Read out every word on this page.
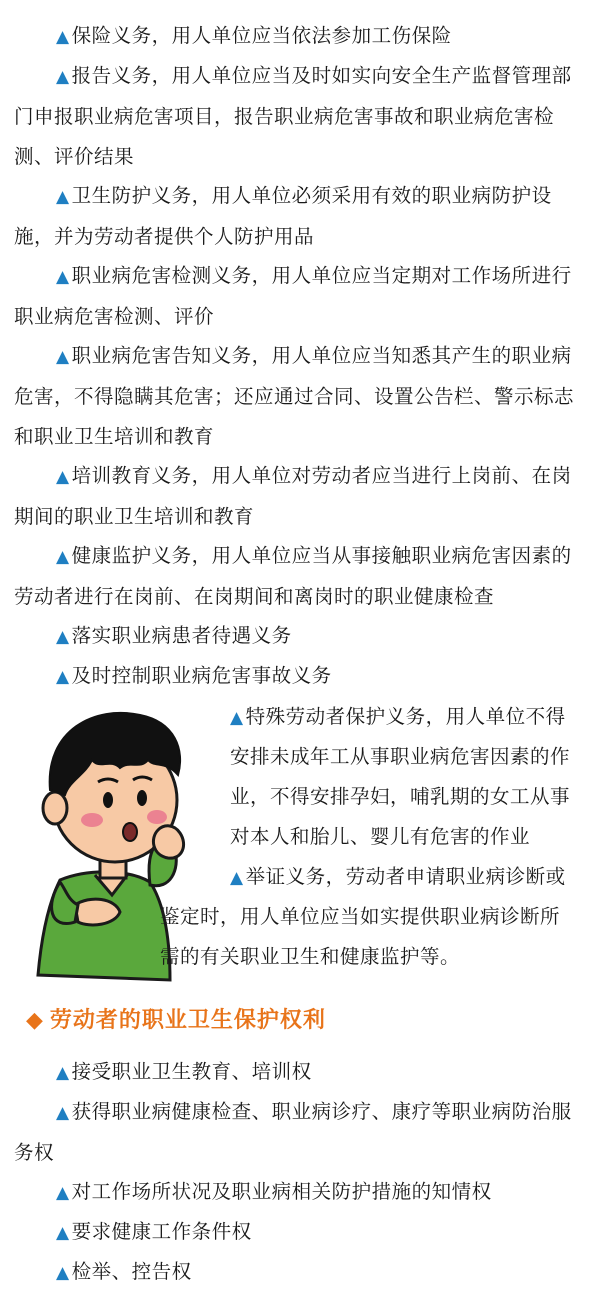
▲ 保险义务，用人单位应当依法参加工伤保险

▲ 报告义务，用人单位应当及时如实向安全生产监督管理部门申报职业病危害项目，报告职业病危害事故和职业病危害检测、评价结果

▲ 卫生防护义务，用人单位必须采用有效的职业病防护设施，并为劳动者提供个人防护用品

▲ 职业病危害检测义务，用人单位应当定期对工作场所进行职业病危害检测、评价

▲ 职业病危害告知义务，用人单位应当知悉其产生的职业病危害，不得隐瞒其危害；还应通过合同、设置公告栏、警示标志和职业卫生培训和教育

▲ 培训教育义务，用人单位对劳动者应当进行上岗前、在岗期间的职业卫生培训和教育

▲ 健康监护义务，用人单位应当从事接触职业病危害因素的劳动者进行在岗前、在岗期间和离岗时的职业健康检查

▲ 落实职业病患者待遇义务

▲ 及时控制职业病危害事故义务

▲ 特殊劳动者保护义务，用人单位不得

安排未成年工从事职业病危害因素的作

业，不得安排孕妇，哺乳期的女工从事

对本人和胎儿、婴儿有危害的作业

▲ 举证义务，劳动者申请职业病诊断或

鉴定时，用人单位应当如实提供职业病诊断所

需的有关职业卫生和健康监护等。

◆ 劳动者的职业卫生保护权利

▲ 接受职业卫生教育、培训权

▲ 获得职业病健康检查、职业病诊疗、康疗等职业病防治服务权

▲ 对工作场所状况及职业病相关防护措施的知情权

▲ 要求健康工作条件权

▲ 检举、控告权
